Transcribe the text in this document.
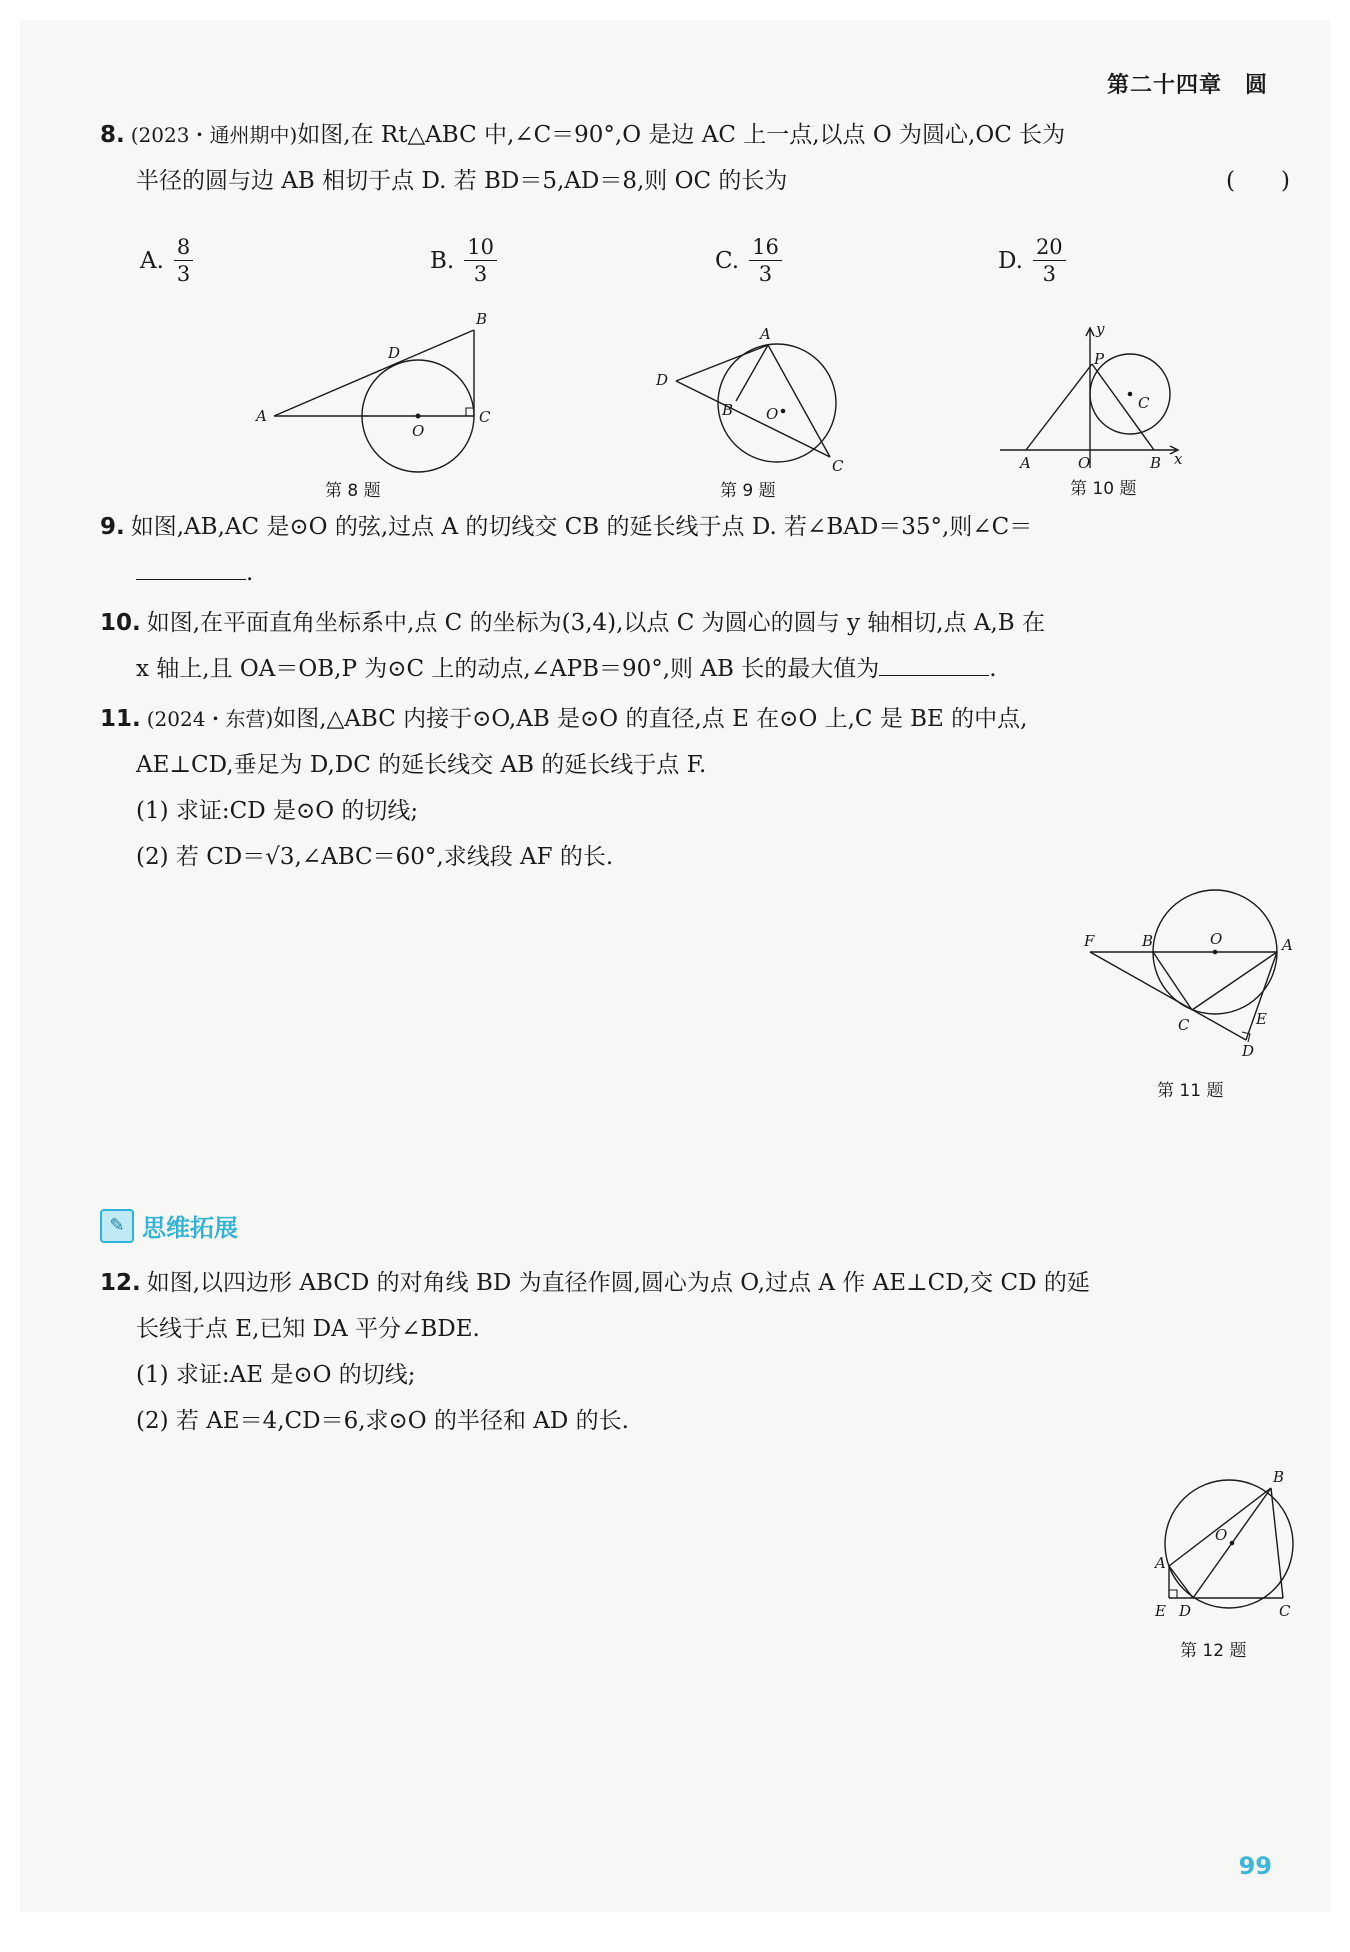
第二十四章　圆
8. (2023・通州期中)如图,在 Rt△ABC 中,∠C＝90°,O 是边 AC 上一点,以点 O 为圆心,OC 长为
半径的圆与边 AB 相切于点 D. 若 BD＝5,AD＝8,则 OC 的长为	(　　)
A. $\frac{8}{3}$	B. $\frac{10}{3}$	C. $\frac{16}{3}$	D. $\frac{20}{3}$
B
D
A
O
C
第 8 题
A
D
B O
C
第 9 题
y
P
C
A	O	B x
第 10 题
9. 如图,AB,AC 是⊙O 的弦,过点 A 的切线交 CB 的延长线于点 D. 若∠BAD＝35°,则∠C＝
.
10. 如图,在平面直角坐标系中,点 C 的坐标为(3,4),以点 C 为圆心的圆与 y 轴相切,点 A,B 在
x 轴上,且 OA＝OB,P 为⊙C 上的动点,∠APB＝90°,则 AB 长的最大值为	.
11. (2024・东营)如图,△ABC 内接于⊙O,AB 是⊙O 的直径,点 E 在⊙O 上,C 是 BE 的中点,
AE⊥CD,垂足为 D,DC 的延长线交 AB 的延长线于点 F.
(1) 求证:CD 是⊙O 的切线;
(2) 若 CD＝√3,∠ABC＝60°,求线段 AF 的长.
F	B	O	A
C	E
D
第 11 题
✎ 思维拓展
12. 如图,以四边形 ABCD 的对角线 BD 为直径作圆,圆心为点 O,过点 A 作 AE⊥CD,交 CD 的延
长线于点 E,已知 DA 平分∠BDE.
(1) 求证:AE 是⊙O 的切线;
(2) 若 AE＝4,CD＝6,求⊙O 的半径和 AD 的长.
B
A
O
E D	C
第 12 题
99
